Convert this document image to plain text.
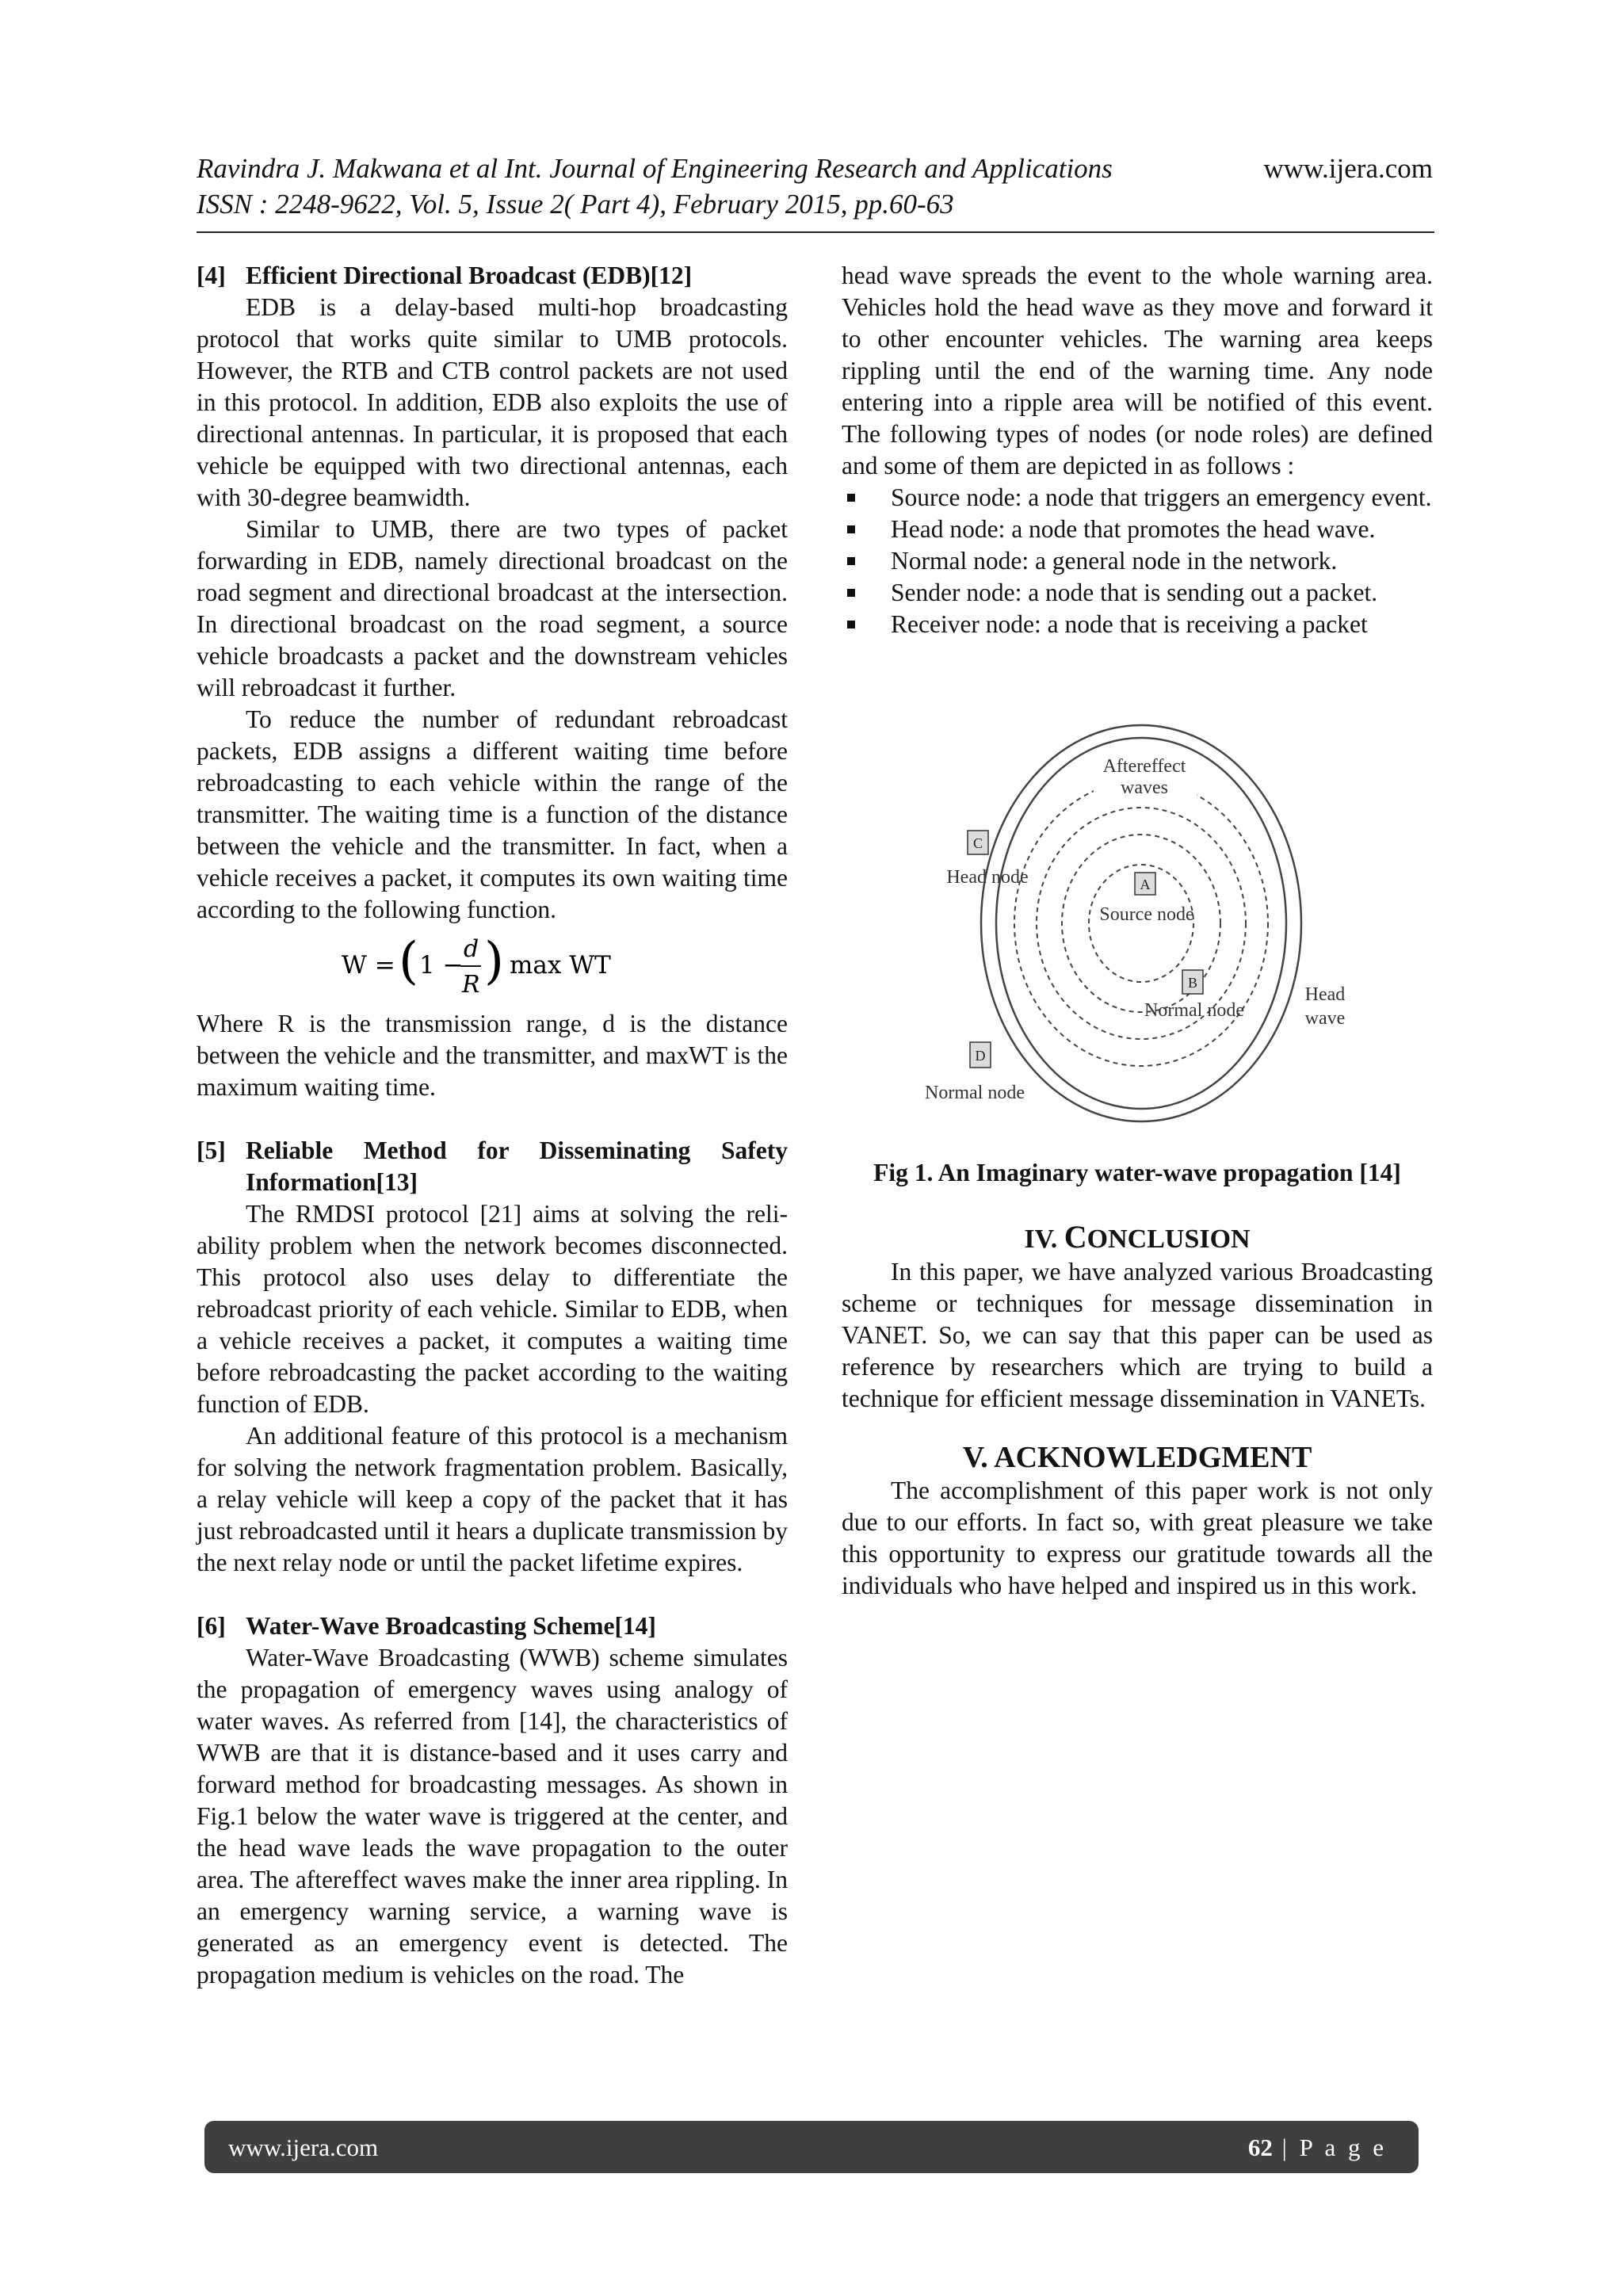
Ravindra J. Makwana et al Int. Journal of Engineering Research and Applications	www.ijera.com
ISSN : 2248-9622, Vol. 5, Issue 2( Part 4), February 2015, pp.60-63
[4] Efficient Directional Broadcast (EDB)[12]

EDB is a delay-based multi-hop broadcasting protocol that works quite similar to UMB protocols. However, the RTB and CTB control packets are not used in this protocol. In addition, EDB also exploits the use of directional antennas. In particular, it is proposed that each vehicle be equipped with two directional antennas, each with 30-degree beamwidth.

Similar to UMB, there are two types of packet forwarding in EDB, namely directional broadcast on the road segment and directional broadcast at the intersection. In directional broadcast on the road segment, a source vehicle broadcasts a packet and the downstream vehicles will rebroadcast it further.

To reduce the number of redundant rebroadcast packets, EDB assigns a different waiting time before rebroadcasting to each vehicle within the range of the transmitter. The waiting time is a function of the distance between the vehicle and the transmitter. In fact, when a vehicle receives a packet, it computes its own waiting time according to the following function.

W = ( 1 −
d
R ) max WT

Where R is the transmission range, d is the distance between the vehicle and the transmitter, and maxWT is the maximum waiting time.

[5] Reliable Method for Disseminating Safety Information[13]

The RMDSI protocol [21] aims at solving the reli-ability problem when the network becomes disconnected. This protocol also uses delay to differentiate the rebroadcast priority of each vehicle. Similar to EDB, when a vehicle receives a packet, it computes a waiting time before rebroadcasting the packet according to the waiting function of EDB.

An additional feature of this protocol is a mechanism for solving the network fragmentation problem. Basically, a relay vehicle will keep a copy of the packet that it has just rebroadcasted until it hears a duplicate transmission by the next relay node or until the packet lifetime expires.

[6] Water-Wave Broadcasting Scheme[14]

Water-Wave Broadcasting (WWB) scheme simulates the propagation of emergency waves using analogy of water waves. As referred from [14], the characteristics of WWB are that it is distance-based and it uses carry and forward method for broadcasting messages. As shown in Fig.1 below the water wave is triggered at the center, and the head wave leads the wave propagation to the outer area. The aftereffect waves make the inner area rippling. In an emergency warning service, a warning wave is generated as an emergency event is detected. The propagation medium is vehicles on the road. The

head wave spreads the event to the whole warning area. Vehicles hold the head wave as they move and forward it to other encounter vehicles. The warning area keeps rippling until the end of the warning time. Any node entering into a ripple area will be notified of this event. The following types of nodes (or node roles) are defined and some of them are depicted in as follows :

Source node: a node that triggers an emergency event.
Head node: a node that promotes the head wave.
Normal node: a general node in the network.
Sender node: a node that is sending out a packet.
Receiver node: a node that is receiving a packet
Aftereffect
waves
A
Source node
C
Head node
B
Normal node
Head
wave
D
Normal node
Fig 1. An Imaginary water-wave propagation [14]
IV. CONCLUSION

In this paper, we have analyzed various Broadcasting scheme or techniques for message dissemination in VANET. So, we can say that this paper can be used as reference by researchers which are trying to build a technique for efficient message dissemination in VANETs.

V. ACKNOWLEDGMENT

The accomplishment of this paper work is not only due to our efforts. In fact so, with great pleasure we take this opportunity to express our gratitude towards all the individuals who have helped and inspired us in this work.

www.ijera.com	62 | P a g e
